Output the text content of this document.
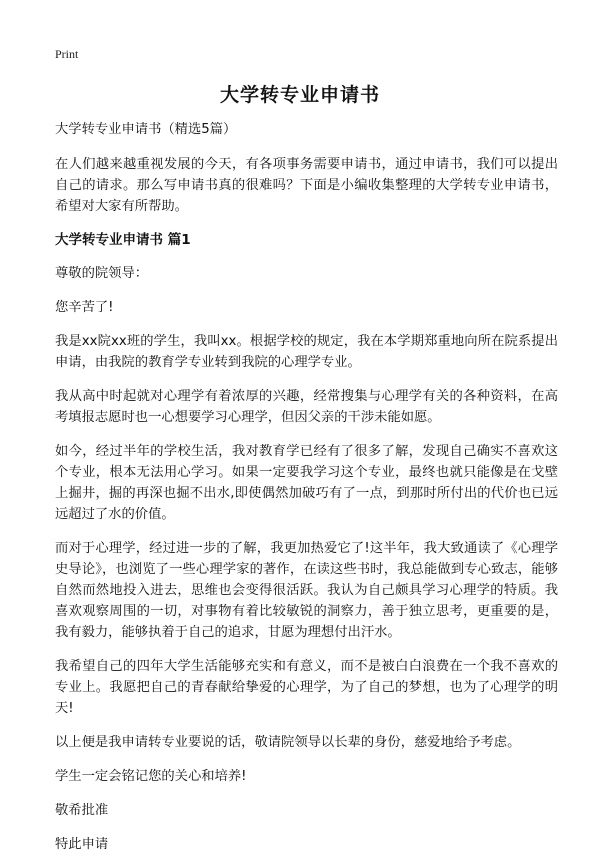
Print
大学转专业申请书
大学转专业申请书（精选5篇）
在人们越来越重视发展的今天，有各项事务需要申请书，通过申请书，我们可以提出自己的请求。那么写申请书真的很难吗？下面是小编收集整理的大学转专业申请书，希望对大家有所帮助。
大学转专业申请书 篇1
尊敬的院领导：
您辛苦了!
我是xx院xx班的学生，我叫xx。根据学校的规定，我在本学期郑重地向所在院系提出申请，由我院的教育学专业转到我院的心理学专业。
我从高中时起就对心理学有着浓厚的兴趣，经常搜集与心理学有关的各种资料，在高考填报志愿时也一心想要学习心理学，但因父亲的干涉未能如愿。
如今，经过半年的学校生活，我对教育学已经有了很多了解，发现自己确实不喜欢这个专业，根本无法用心学习。如果一定要我学习这个专业，最终也就只能像是在戈壁上掘井，掘的再深也掘不出水,即使偶然加破巧有了一点，到那时所付出的代价也已远远超过了水的价值。
而对于心理学，经过进一步的了解，我更加热爱它了!这半年，我大致通读了《心理学史导论》，也浏览了一些心理学家的著作，在读这些书时，我总能做到专心致志，能够自然而然地投入进去，思维也会变得很活跃。我认为自己颇具学习心理学的特质。我喜欢观察周围的一切，对事物有着比较敏锐的洞察力，善于独立思考，更重要的是，我有毅力，能够执着于自己的追求，甘愿为理想付出汗水。
我希望自己的四年大学生活能够充实和有意义，而不是被白白浪费在一个我不喜欢的专业上。我愿把自己的青春献给挚爱的心理学，为了自己的梦想，也为了心理学的明天!
以上便是我申请转专业要说的话，敬请院领导以长辈的身份，慈爱地给予考虑。
学生一定会铭记您的关心和培养!
敬希批准
特此申请
